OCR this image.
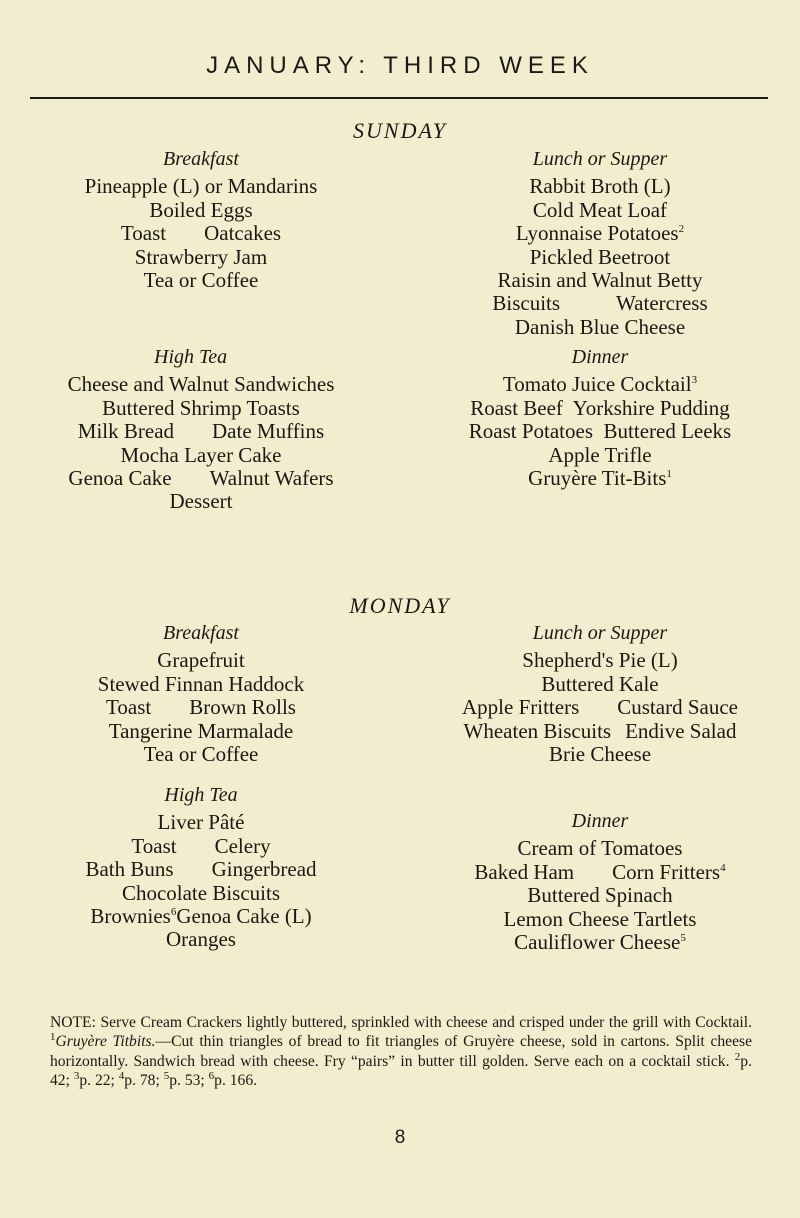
JANUARY: THIRD WEEK
SUNDAY
Breakfast
Pineapple (L) or Mandarins
Boiled Eggs
Toast Oatcakes
Strawberry Jam
Tea or Coffee
High Tea
Cheese and Walnut Sandwiches
Buttered Shrimp Toasts
Milk Bread Date Muffins
Mocha Layer Cake
Genoa Cake Walnut Wafers
Dessert
Lunch or Supper
Rabbit Broth (L)
Cold Meat Loaf
Lyonnaise Potatoes$^2$
Pickled Beetroot
Raisin and Walnut Betty
Biscuits	Watercress
Danish Blue Cheese
Dinner
Tomato Juice Cocktail$^3$
Roast Beef  Yorkshire Pudding
Roast Potatoes  Buttered Leeks
Apple Trifle
Gruyère Tit-Bits$^1$
MONDAY
Breakfast
Grapefruit
Stewed Finnan Haddock
Toast Brown Rolls
Tangerine Marmalade
Tea or Coffee
High Tea
Liver Pâté
Toast Celery
Bath Buns Gingerbread
Chocolate Biscuits
Brownies$^6$Genoa Cake (L)
Oranges
Lunch or Supper
Shepherd's Pie (L)
Buttered Kale
Apple Fritters Custard Sauce
Wheaten Biscuits Endive Salad
Brie Cheese
Dinner
Cream of Tomatoes
Baked Ham Corn Fritters$^4$
Buttered Spinach
Lemon Cheese Tartlets
Cauliflower Cheese$^5$
NOTE: Serve Cream Crackers lightly buttered, sprinkled with cheese and crisped under the grill with Cocktail. $^1$Gruyère Titbits.—Cut thin triangles of bread to fit triangles of Gruyère cheese, sold in cartons. Split cheese horizontally. Sandwich bread with cheese. Fry “pairs” in butter till golden. Serve each on a cocktail stick. $^2$p. 42; $^3$p. 22; $^4$p. 78; $^5$p. 53; $^6$p. 166.
8
